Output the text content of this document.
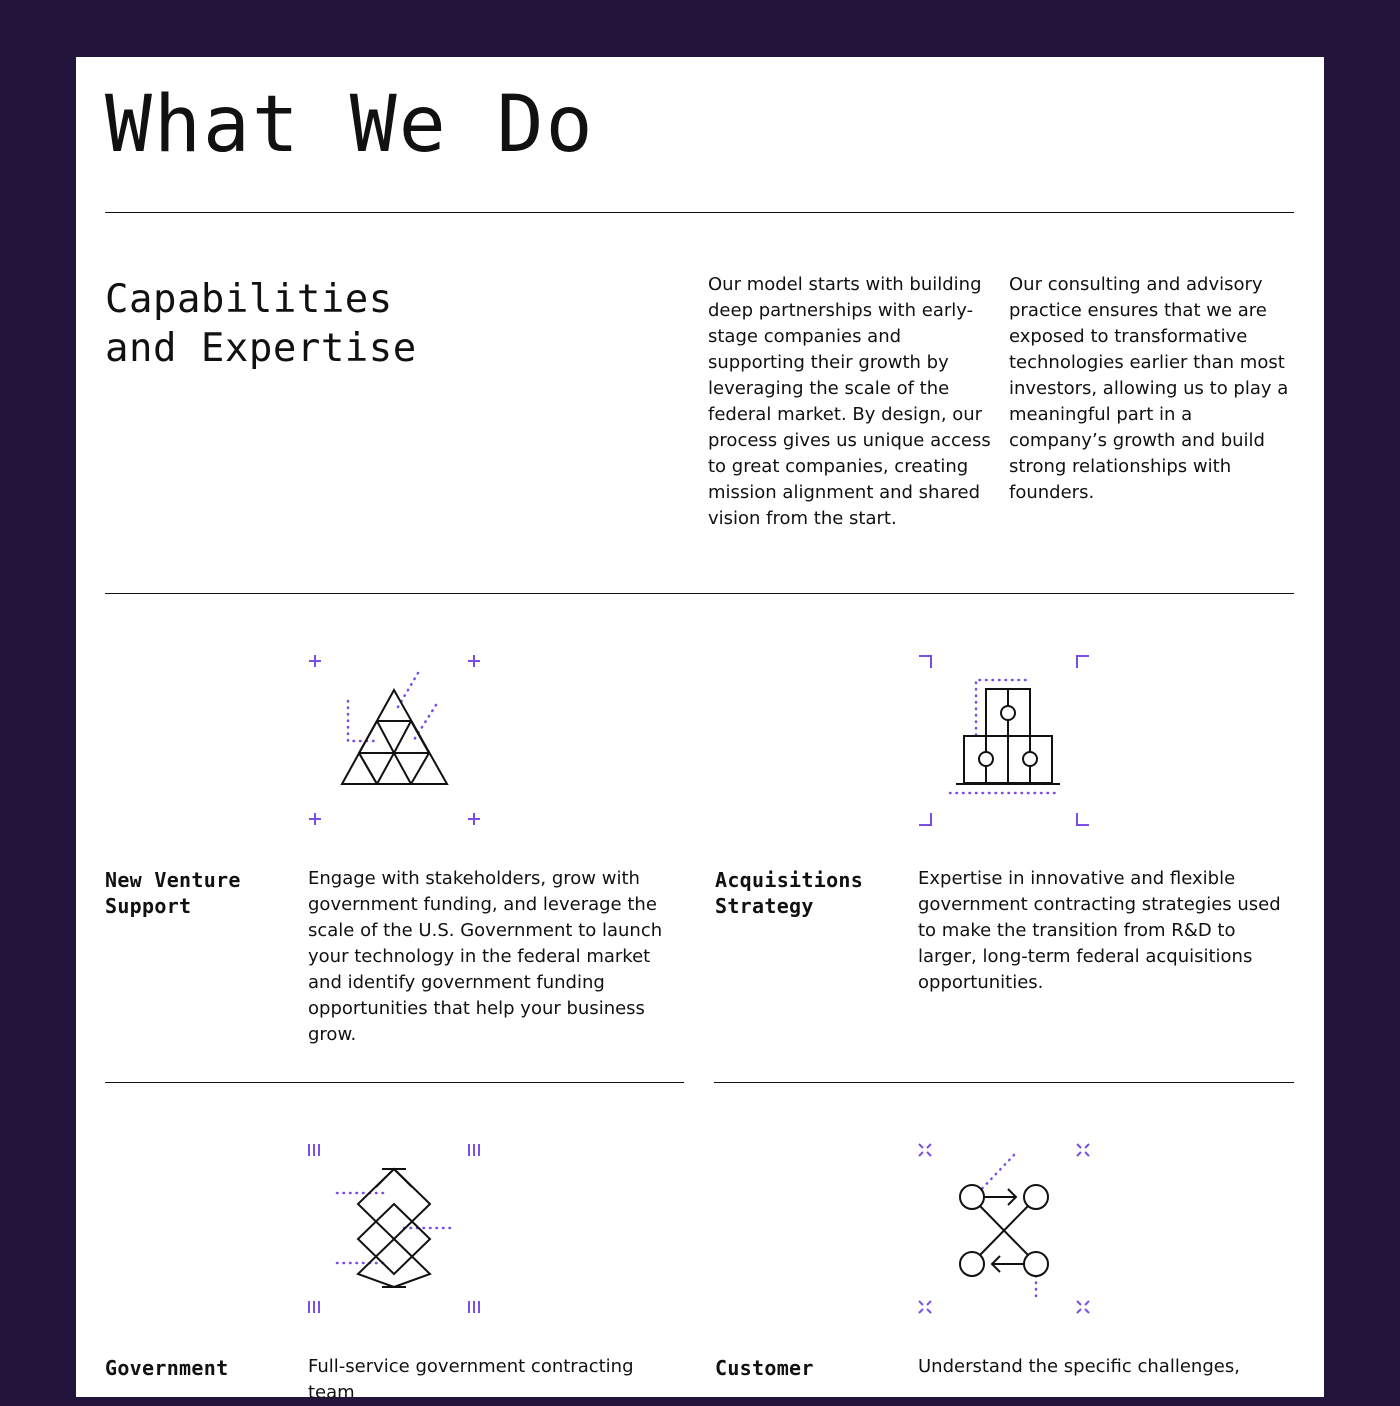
What We Do
Capabilities
and Expertise

Our model starts with building deep partnerships with early-stage companies and supporting their growth by leveraging the scale of the federal market. By design, our process gives us unique access to great companies, creating mission alignment and shared vision from the start.

Our consulting and advisory practice ensures that we are exposed to transformative technologies earlier than most investors, allowing us to play a meaningful part in a company’s growth and build strong relationships with founders.

New Venture
Support

Engage with stakeholders, grow with government funding, and leverage the scale of the U.S. Government to launch your technology in the federal market and identify government funding opportunities that help your business grow.

Acquisitions
Strategy

Expertise in innovative and flexible government contracting strategies used to make the transition from R&D to larger, long-term federal acquisitions opportunities.

Government	Full-service government contracting team

Customer	Understand the specific challenges,
